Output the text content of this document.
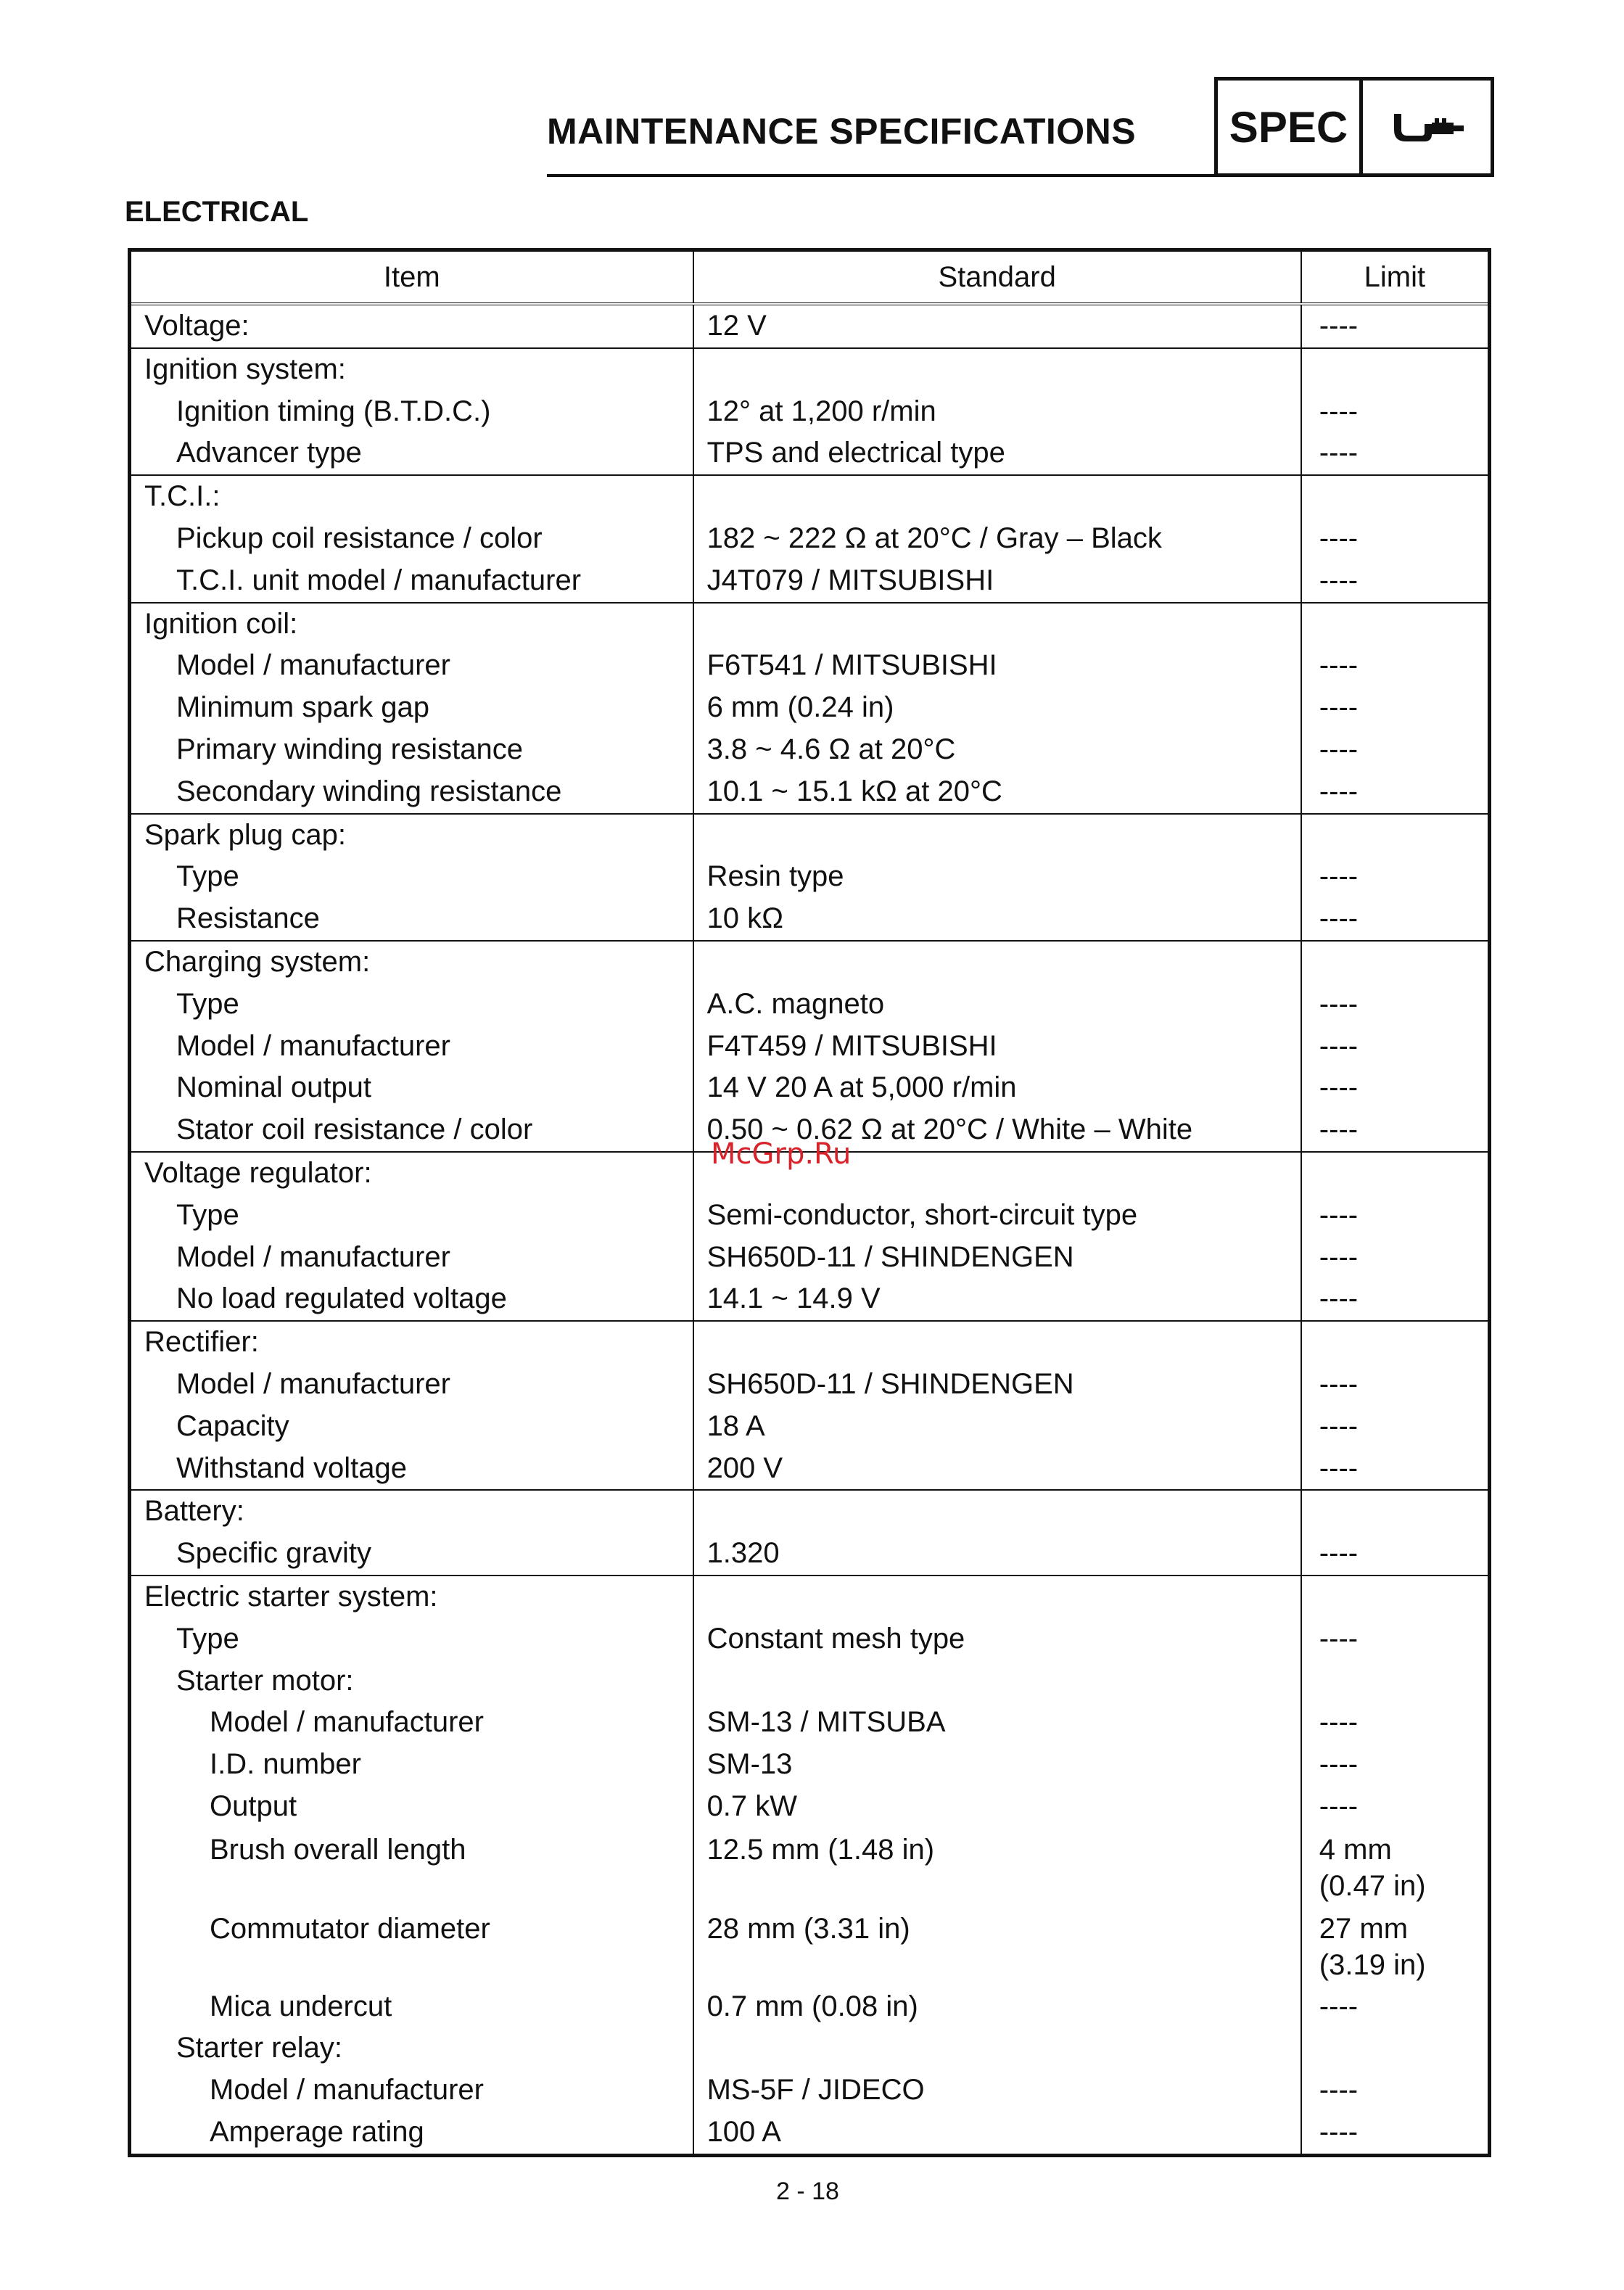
MAINTENANCE SPECIFICATIONS	SPEC
ELECTRICAL
Item	Standard	Limit
Voltage:	12 V	----

Ignition system:		

Ignition timing (B.T.D.C.)	12° at 1,200 r/min	----

Advancer type	TPS and electrical type	----

T.C.I.:		

Pickup coil resistance / color	182 ~ 222 Ω at 20°C / Gray – Black	----

T.C.I. unit model / manufacturer	J4T079 / MITSUBISHI	----

Ignition coil:		

Model / manufacturer	F6T541 / MITSUBISHI	----

Minimum spark gap	6 mm (0.24 in)	----

Primary winding resistance	3.8 ~ 4.6 Ω at 20°C	----

Secondary winding resistance	10.1 ~ 15.1 kΩ at 20°C	----

Spark plug cap:		

Type	Resin type	----

Resistance	10 kΩ	----

Charging system:		

Type	A.C. magneto	----

Model / manufacturer	F4T459 / MITSUBISHI	----

Nominal output	14 V 20 A at 5,000 r/min	----

Stator coil resistance / color	0.50 ~ 0.62 Ω at 20°C / White – White	----

Voltage regulator:		

Type	Semi-conductor, short-circuit type	----

Model / manufacturer	SH650D-11 / SHINDENGEN	----

No load regulated voltage	14.1 ~ 14.9 V	----

Rectifier:		

Model / manufacturer	SH650D-11 / SHINDENGEN	----

Capacity	18 A	----

Withstand voltage	200 V	----

Battery:		

Specific gravity	1.320	----

Electric starter system:		

Type	Constant mesh type	----

Starter motor:		

Model / manufacturer	SM-13 / MITSUBA	----

I.D. number	SM-13	----

Output	0.7 kW	----

Brush overall length	12.5 mm (1.48 in)	4 mm
(0.47 in)

Commutator diameter	28 mm (3.31 in)	27 mm
(3.19 in)

Mica undercut	0.7 mm (0.08 in)	----

Starter relay:		

Model / manufacturer	MS-5F / JIDECO	----

Amperage rating	100 A	----
McGrp.Ru
2 - 18
